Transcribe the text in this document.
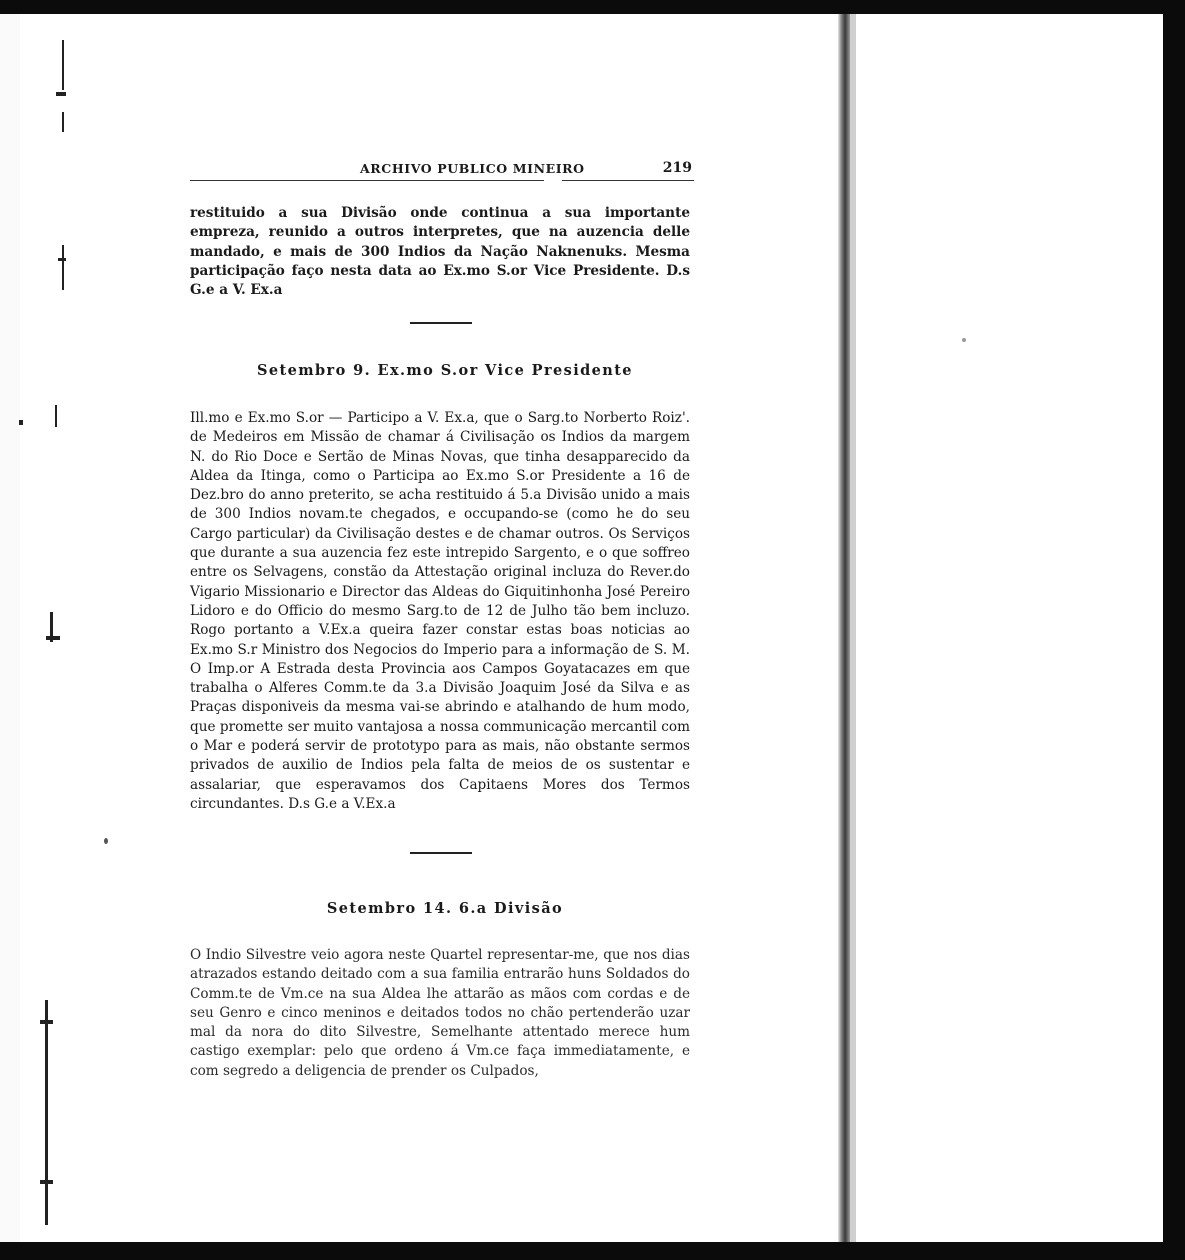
ARCHIVO PUBLICO MINEIRO	219

restituido a sua Divisão onde continua a sua importante empreza, reunido a outros interpretes, que na auzencia delle mandado, e mais de 300 Indios da Nação Naknenuks. Mesma participação faço nesta data ao Ex.mo S.or Vice Presidente. D.s G.e a V. Ex.a

Setembro 9. Ex.mo S.or Vice Presidente

Ill.mo e Ex.mo S.or — Participo a V. Ex.a, que o Sarg.to Norberto Roiz'. de Medeiros em Missão de chamar á Civilisação os Indios da margem N. do Rio Doce e Sertão de Minas Novas, que tinha desapparecido da Aldea da Itinga, como o Participa ao Ex.mo S.or Presidente a 16 de Dez.bro do anno preterito, se acha restituido á 5.a Divisão unido a mais de 300 Indios novam.te chegados, e occupando-se (como he do seu Cargo particular) da Civilisação destes e de chamar outros. Os Serviços que durante a sua auzencia fez este intrepido Sargento, e o que soffreo entre os Selvagens, constão da Attestação original incluza do Rever.do Vigario Missionario e Director das Aldeas do Giquitinhonha José Pereiro Lidoro e do Officio do mesmo Sarg.to de 12 de Julho tão bem incluzo. Rogo portanto a V.Ex.a queira fazer constar estas boas noticias ao Ex.mo S.r Ministro dos Negocios do Imperio para a informação de S. M. O Imp.or A Estrada desta Provincia aos Campos Goyatacazes em que trabalha o Alferes Comm.te da 3.a Divisão Joaquim José da Silva e as Praças disponiveis da mesma vai-se abrindo e atalhando de hum modo, que promette ser muito vantajosa a nossa communicação mercantil com o Mar e poderá servir de prototypo para as mais, não obstante sermos privados de auxilio de Indios pela falta de meios de os sustentar e assalariar, que esperavamos dos Capitaens Mores dos Termos circundantes. D.s G.e a V.Ex.a

Setembro 14. 6.a Divisão

O Indio Silvestre veio agora neste Quartel representar-me, que nos dias atrazados estando deitado com a sua familia entrarão huns Soldados do Comm.te de Vm.ce na sua Aldea lhe attarão as mãos com cordas e de seu Genro e cinco meninos e deitados todos no chão pertenderão uzar mal da nora do dito Silvestre, Semelhante attentado merece hum castigo exemplar: pelo que ordeno á Vm.ce faça immediatamente, e com segredo a deligencia de prender os Culpados,
